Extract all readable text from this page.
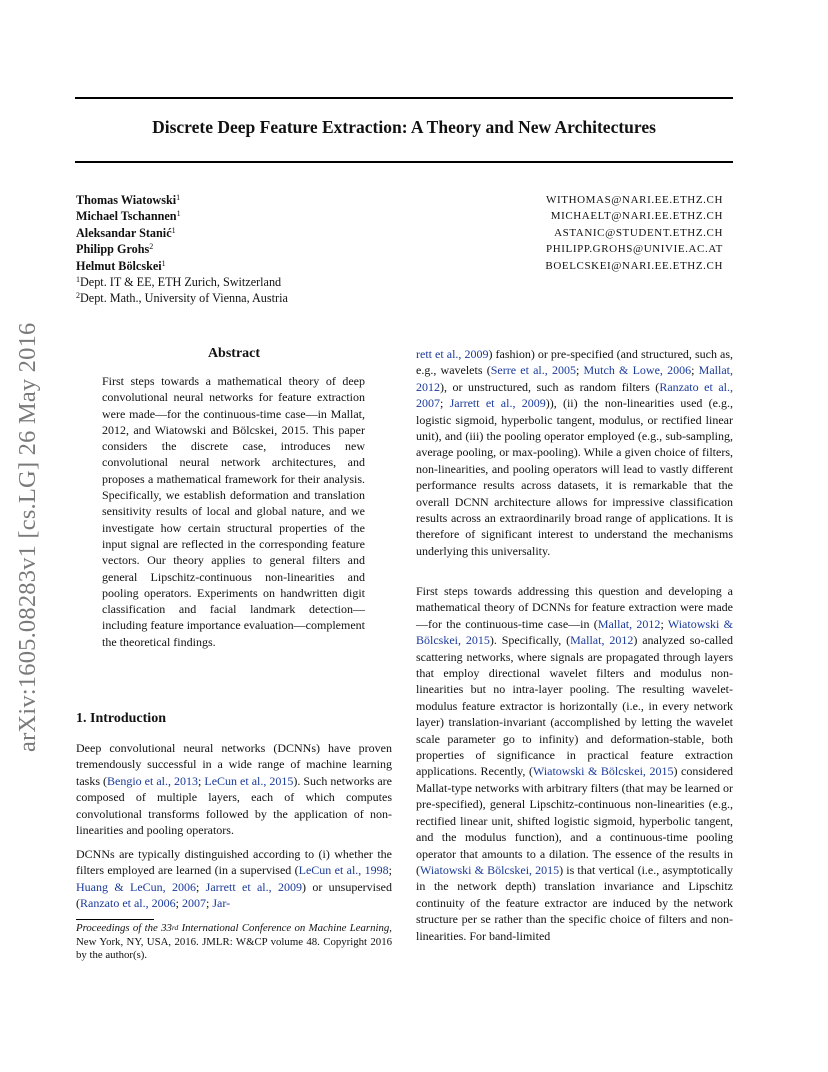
Discrete Deep Feature Extraction: A Theory and New Architectures
Thomas Wiatowski$^1$
Michael Tschannen$^1$
Aleksandar Stanić$^1$
Philipp Grohs$^2$
Helmut Bölcskei$^1$
$^1$Dept. IT & EE, ETH Zurich, Switzerland
$^2$Dept. Math., University of Vienna, Austria
WITHOMAS@NARI.EE.ETHZ.CH
MICHAELT@NARI.EE.ETHZ.CH
ASTANIC@STUDENT.ETHZ.CH
PHILIPP.GROHS@UNIVIE.AC.AT
BOELCSKEI@NARI.EE.ETHZ.CH
arXiv:1605.08283v1 [cs.LG] 26 May 2016	Abstract
First steps towards a mathematical theory of deep convolutional neural networks for feature extraction were made—for the continuous-time case—in Mallat, 2012, and Wiatowski and Bölcskei, 2015. This paper considers the discrete case, introduces new convolutional neural network architectures, and proposes a mathematical framework for their analysis. Specifically, we establish deformation and translation sensitivity results of local and global nature, and we investigate how certain structural properties of the input signal are reflected in the corresponding feature vectors. Our theory applies to general filters and general Lipschitz-continuous non-linearities and pooling operators. Experiments on handwritten digit classification and facial landmark detection—including feature importance evaluation—complement the theoretical findings.
1. Introduction
Deep convolutional neural networks (DCNNs) have proven tremendously successful in a wide range of machine learning tasks (Bengio et al., 2013; LeCun et al., 2015). Such networks are composed of multiple layers, each of which computes convolutional transforms followed by the application of non-linearities and pooling operators.
DCNNs are typically distinguished according to (i) whether the filters employed are learned (in a supervised (LeCun et al., 1998; Huang & LeCun, 2006; Jarrett et al., 2009) or unsupervised (Ranzato et al., 2006; 2007; Jar-
Proceedings of the 33rd International Conference on Machine Learning, New York, NY, USA, 2016. JMLR: W&CP volume 48. Copyright 2016 by the author(s).
rett et al., 2009) fashion) or pre-specified (and structured, such as, e.g., wavelets (Serre et al., 2005; Mutch & Lowe, 2006; Mallat, 2012), or unstructured, such as random filters (Ranzato et al., 2007; Jarrett et al., 2009)), (ii) the non-linearities used (e.g., logistic sigmoid, hyperbolic tangent, modulus, or rectified linear unit), and (iii) the pooling operator employed (e.g., sub-sampling, average pooling, or max-pooling). While a given choice of filters, non-linearities, and pooling operators will lead to vastly different performance results across datasets, it is remarkable that the overall DCNN architecture allows for impressive classification results across an extraordinarily broad range of applications. It is therefore of significant interest to understand the mechanisms underlying this universality.
First steps towards addressing this question and developing a mathematical theory of DCNNs for feature extraction were made—for the continuous-time case—in (Mallat, 2012; Wiatowski & Bölcskei, 2015). Specifically, (Mallat, 2012) analyzed so-called scattering networks, where signals are propagated through layers that employ directional wavelet filters and modulus non-linearities but no intra-layer pooling. The resulting wavelet-modulus feature extractor is horizontally (i.e., in every network layer) translation-invariant (accomplished by letting the wavelet scale parameter go to infinity) and deformation-stable, both properties of significance in practical feature extraction applications. Recently, (Wiatowski & Bölcskei, 2015) considered Mallat-type networks with arbitrary filters (that may be learned or pre-specified), general Lipschitz-continuous non-linearities (e.g., rectified linear unit, shifted logistic sigmoid, hyperbolic tangent, and the modulus function), and a continuous-time pooling operator that amounts to a dilation. The essence of the results in (Wiatowski & Bölcskei, 2015) is that vertical (i.e., asymptotically in the network depth) translation invariance and Lipschitz continuity of the feature extractor are induced by the network structure per se rather than the specific choice of filters and non-linearities. For band-limited
